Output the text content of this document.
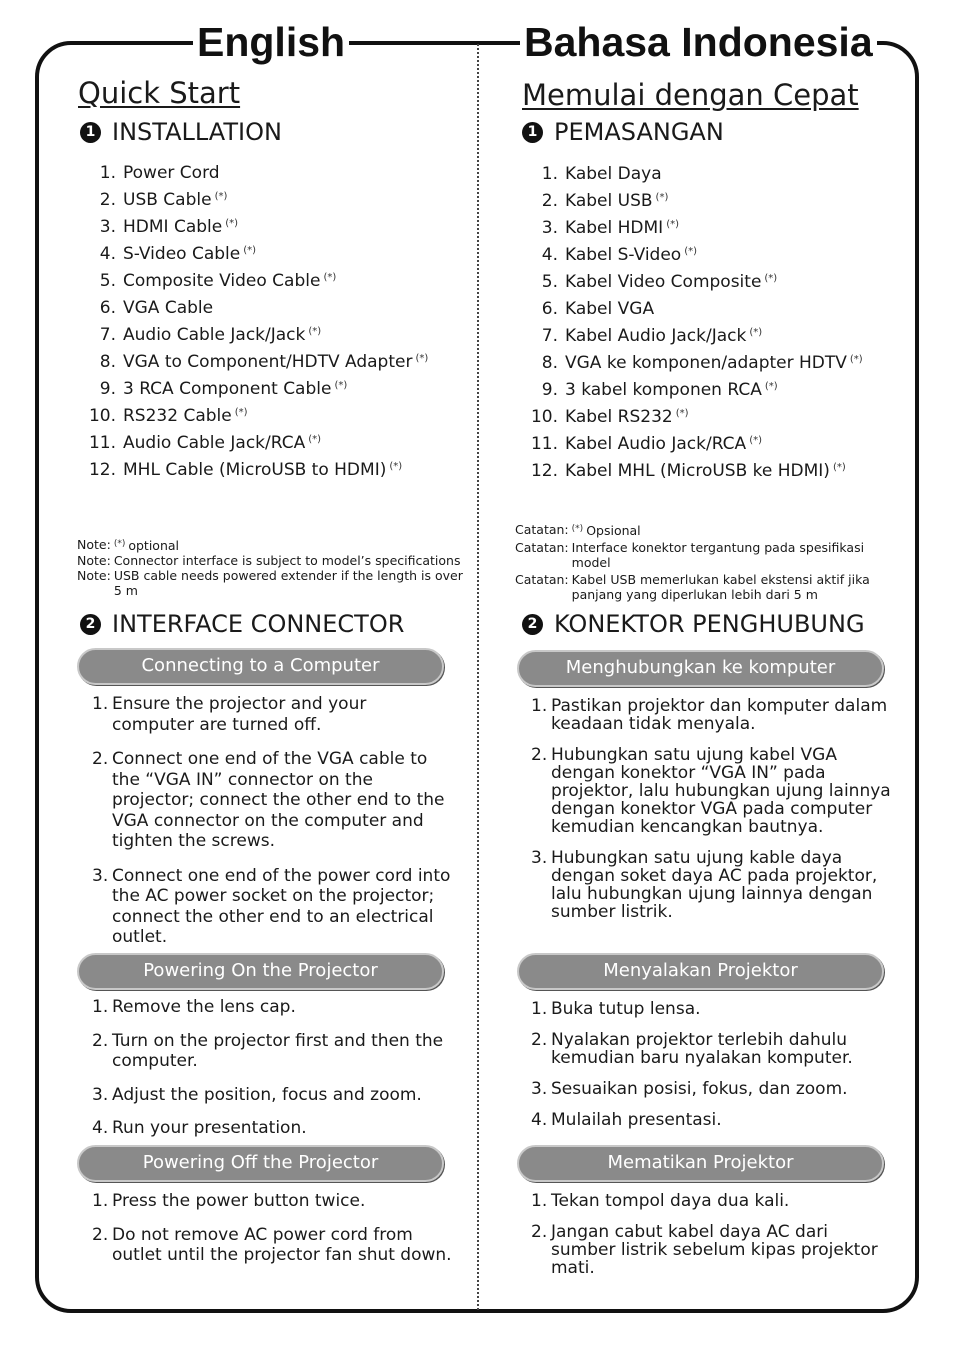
English	Bahasa Indonesia
Quick Start
1 INSTALLATION
1. Power Cord
2. USB Cable (*)
3. HDMI Cable (*)
4. S-Video Cable (*)
5. Composite Video Cable (*)
6. VGA Cable
7. Audio Cable Jack/Jack (*)
8. VGA to Component/HDTV Adapter (*)
9. 3 RCA Component Cable (*)
10. RS232 Cable (*)
11. Audio Cable Jack/RCA (*)
12. MHL Cable (MicroUSB to HDMI) (*)
Note: (*) optional
Note: Connector interface is subject to model’s specifications
Note: USB cable needs powered extender if the length is over 5 m
2 INTERFACE CONNECTOR
Connecting to a Computer
1. Ensure the projector and your computer are turned off.
2. Connect one end of the VGA cable to the “VGA IN” connector on the projector; connect the other end to the VGA connector on the computer and tighten the screws.
3. Connect one end of the power cord into the AC power socket on the projector; connect the other end to an electrical outlet.
Powering On the Projector
1. Remove the lens cap.
2. Turn on the projector first and then the computer.
3. Adjust the position, focus and zoom.
4. Run your presentation.
Powering Off the Projector
1. Press the power button twice.
2. Do not remove AC power cord from outlet until the projector fan shut down.
Memulai dengan Cepat
1 PEMASANGAN
1. Kabel Daya
2. Kabel USB (*)
3. Kabel HDMI (*)
4. Kabel S-Video (*)
5. Kabel Video Composite (*)
6. Kabel VGA
7. Kabel Audio Jack/Jack (*)
8. VGA ke komponen/adapter HDTV (*)
9. 3 kabel komponen RCA (*)
10. Kabel RS232 (*)
11. Kabel Audio Jack/RCA (*)
12. Kabel MHL (MicroUSB ke HDMI) (*)
Catatan: (*) Opsional
Catatan: Interface konektor tergantung pada spesifikasi model
Catatan: Kabel USB memerlukan kabel ekstensi aktif jika panjang yang diperlukan lebih dari 5 m
2 KONEKTOR PENGHUBUNG
Menghubungkan ke komputer
1. Pastikan projektor dan komputer dalam keadaan tidak menyala.
2. Hubungkan satu ujung kabel VGA dengan konektor “VGA IN” pada projektor, lalu hubungkan ujung lainnya dengan konektor VGA pada computer kemudian kencangkan bautnya.
3. Hubungkan satu ujung kable daya dengan soket daya AC pada projektor, lalu hubungkan ujung lainnya dengan sumber listrik.
Menyalakan Projektor
1. Buka tutup lensa.
2. Nyalakan projektor terlebih dahulu kemudian baru nyalakan komputer.
3. Sesuaikan posisi, fokus, dan zoom.
4. Mulailah presentasi.
Mematikan Projektor
1. Tekan tompol daya dua kali.
2. Jangan cabut kabel daya AC dari sumber listrik sebelum kipas projektor mati.
